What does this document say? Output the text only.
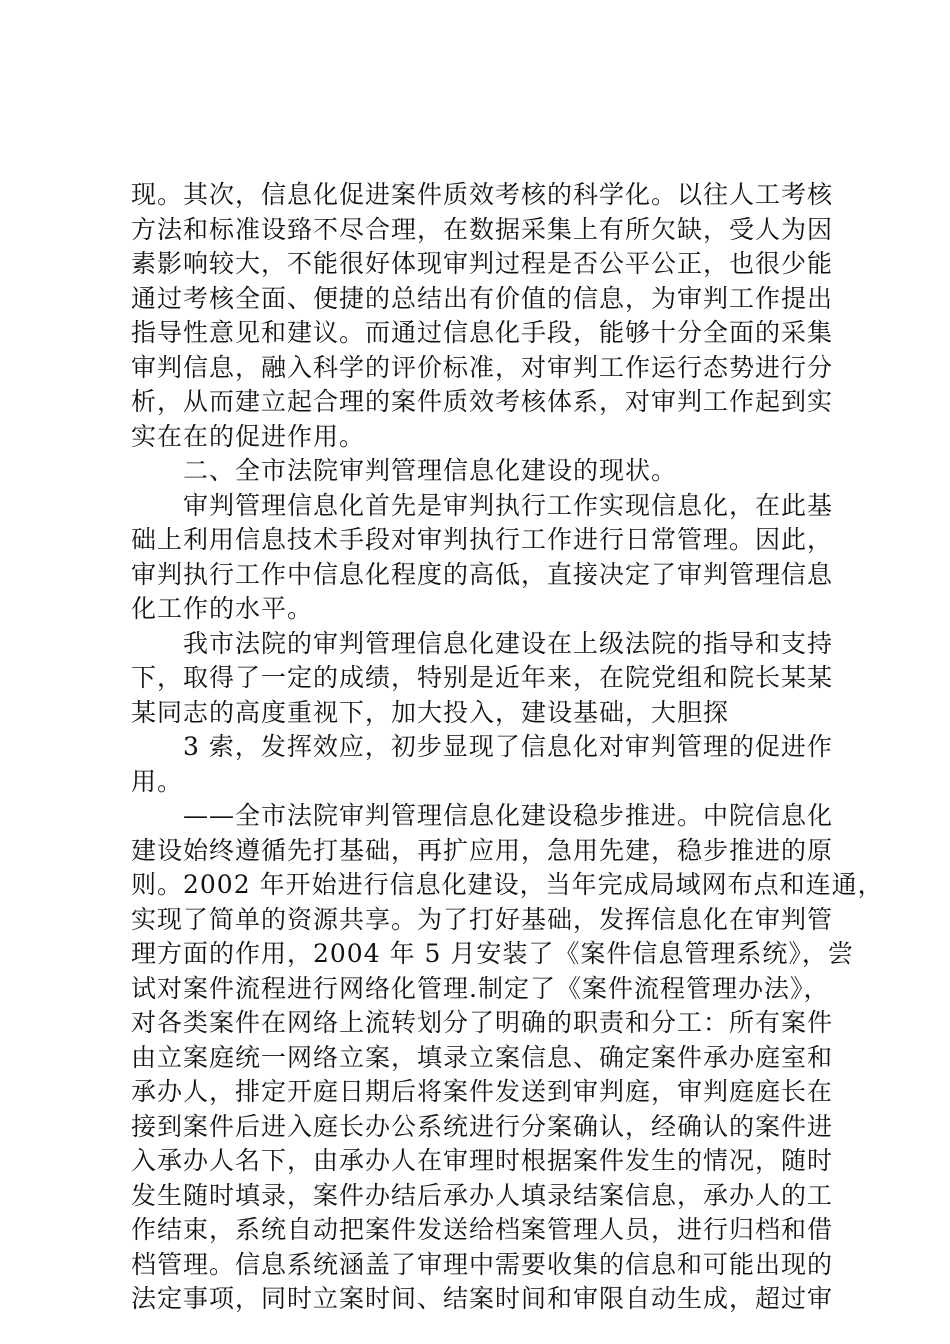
现。其次，信息化促进案件质效考核的科学化。以往人工考核
方法和标准设臵不尽合理，在数据采集上有所欠缺，受人为因
素影响较大，不能很好体现审判过程是否公平公正，也很少能
通过考核全面、便捷的总结出有价值的信息，为审判工作提出
指导性意见和建议。而通过信息化手段，能够十分全面的采集
审判信息，融入科学的评价标准，对审判工作运行态势进行分
析，从而建立起合理的案件质效考核体系，对审判工作起到实
实在在的促进作用。
二、全市法院审判管理信息化建设的现状。
审判管理信息化首先是审判执行工作实现信息化，在此基
础上利用信息技术手段对审判执行工作进行日常管理。因此，
审判执行工作中信息化程度的高低，直接决定了审判管理信息
化工作的水平。
我市法院的审判管理信息化建设在上级法院的指导和支持
下，取得了一定的成绩，特别是近年来，在院党组和院长某某
某同志的高度重视下，加大投入，建设基础，大胆探
3 索，发挥效应，初步显现了信息化对审判管理的促进作
用。
——全市法院审判管理信息化建设稳步推进。中院信息化
建设始终遵循先打基础，再扩应用，急用先建，稳步推进的原
则。2002 年开始进行信息化建设，当年完成局域网布点和连通，
实现了简单的资源共享。为了打好基础，发挥信息化在审判管
理方面的作用，2004 年 5 月安装了《案件信息管理系统》，尝
试对案件流程进行网络化管理.制定了《案件流程管理办法》，
对各类案件在网络上流转划分了明确的职责和分工：所有案件
由立案庭统一网络立案，填录立案信息、确定案件承办庭室和
承办人，排定开庭日期后将案件发送到审判庭，审判庭庭长在
接到案件后进入庭长办公系统进行分案确认，经确认的案件进
入承办人名下，由承办人在审理时根据案件发生的情况，随时
发生随时填录，案件办结后承办人填录结案信息，承办人的工
作结束，系统自动把案件发送给档案管理人员，进行归档和借
档管理。信息系统涵盖了审理中需要收集的信息和可能出现的
法定事项，同时立案时间、结案时间和审限自动生成，超过审
